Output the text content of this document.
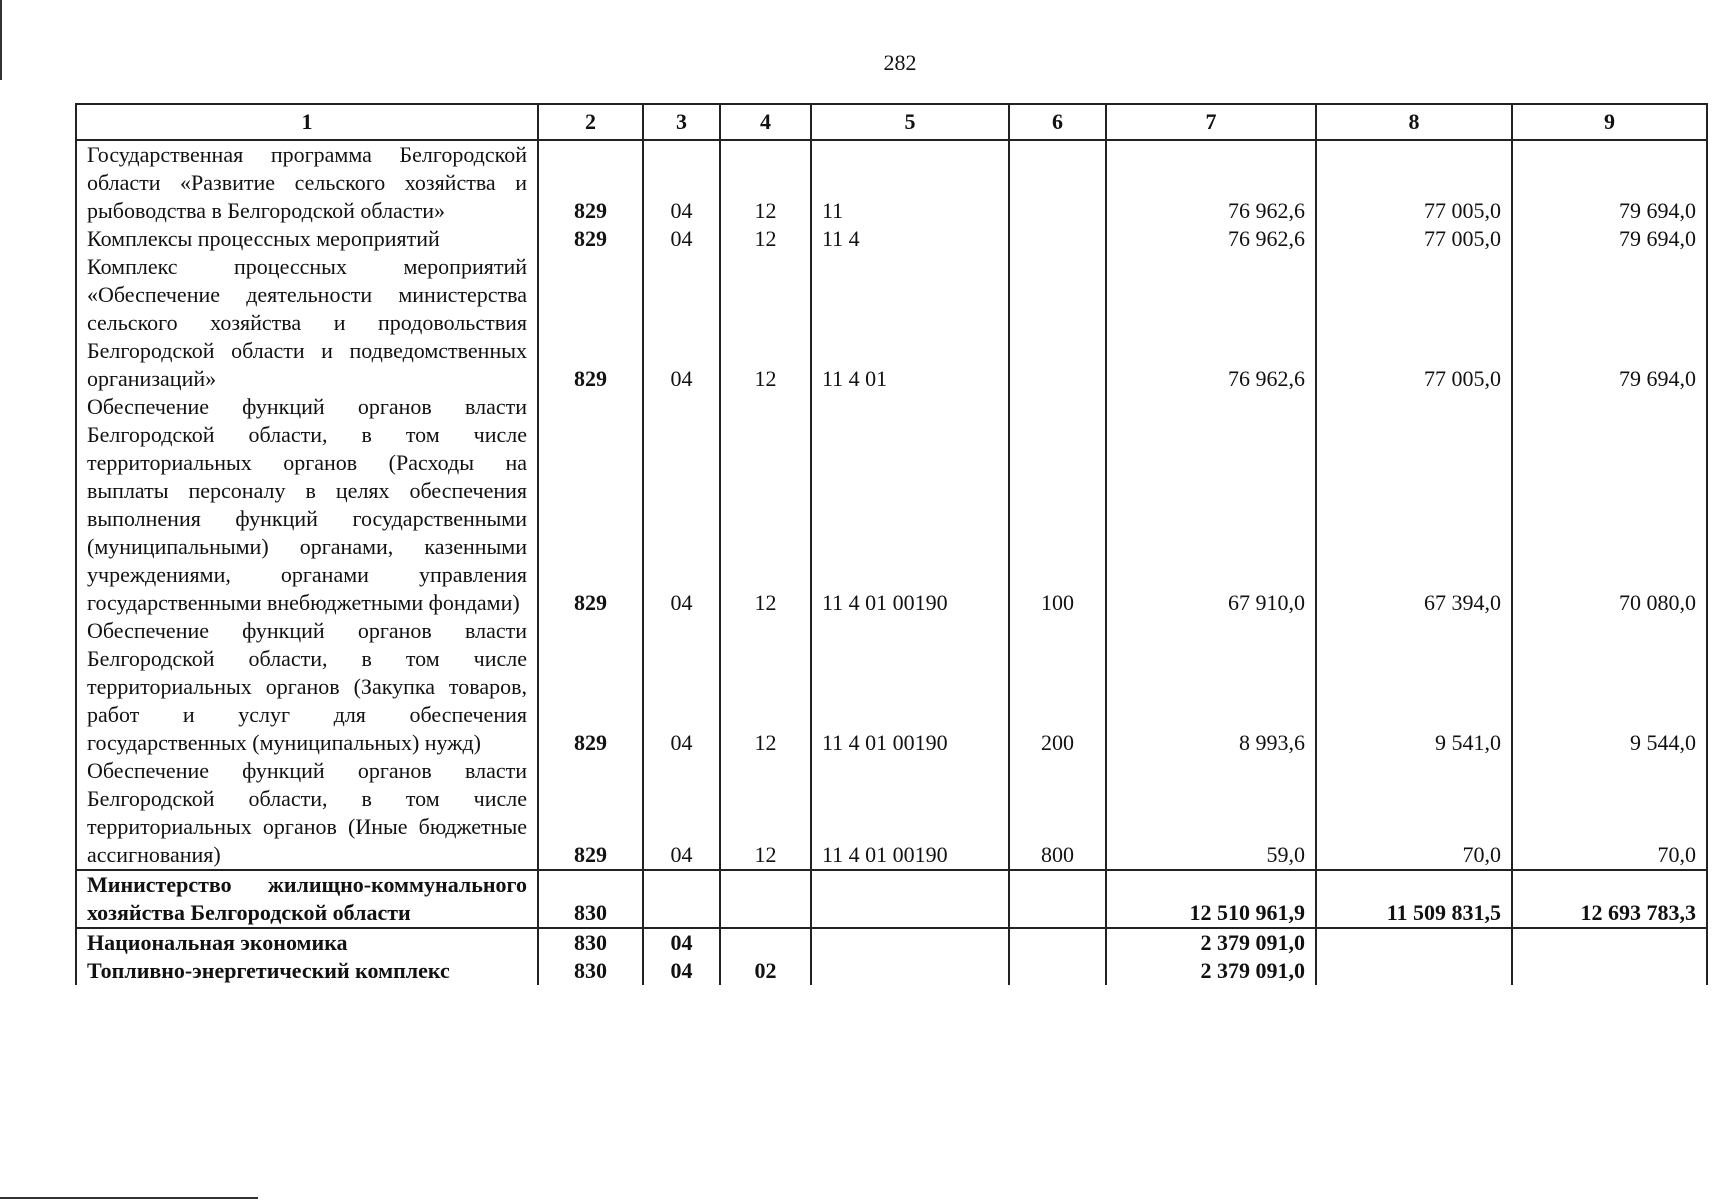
282
1	2	3	4	5	6	7	8	9
Государственная программа Белгородской области «Развитие сельского хозяйства и рыбоводства в Белгородской области»	829	04	12	11		76 962,6	77 005,0	79 694,0
Комплексы процессных мероприятий	829	04	12	11 4		76 962,6	77 005,0	79 694,0
Комплекс процессных мероприятий «Обеспечение деятельности министерства сельского хозяйства и продовольствия Белгородской области и подведомственных организаций»	829	04	12	11 4 01		76 962,6	77 005,0	79 694,0
Обеспечение функций органов власти Белгородской области, в том числе территориальных органов (Расходы на выплаты персоналу в целях обеспечения выполнения функций государственными (муниципальными) органами, казенными учреждениями, органами управления государственными внебюджетными фондами)	829	04	12	11 4 01 00190	100	67 910,0	67 394,0	70 080,0
Обеспечение функций органов власти Белгородской области, в том числе территориальных органов (Закупка товаров, работ и услуг для обеспечения государственных (муниципальных) нужд)	829	04	12	11 4 01 00190	200	8 993,6	9 541,0	9 544,0
Обеспечение функций органов власти Белгородской области, в том числе территориальных органов (Иные бюджетные ассигнования)	829	04	12	11 4 01 00190	800	59,0	70,0	70,0
Министерство жилищно-коммунального хозяйства Белгородской области	830					12 510 961,9	11 509 831,5	12 693 783,3
Национальная экономика	830	04				2 379 091,0		
Топливно-энергетический комплекс	830	04	02			2 379 091,0		
